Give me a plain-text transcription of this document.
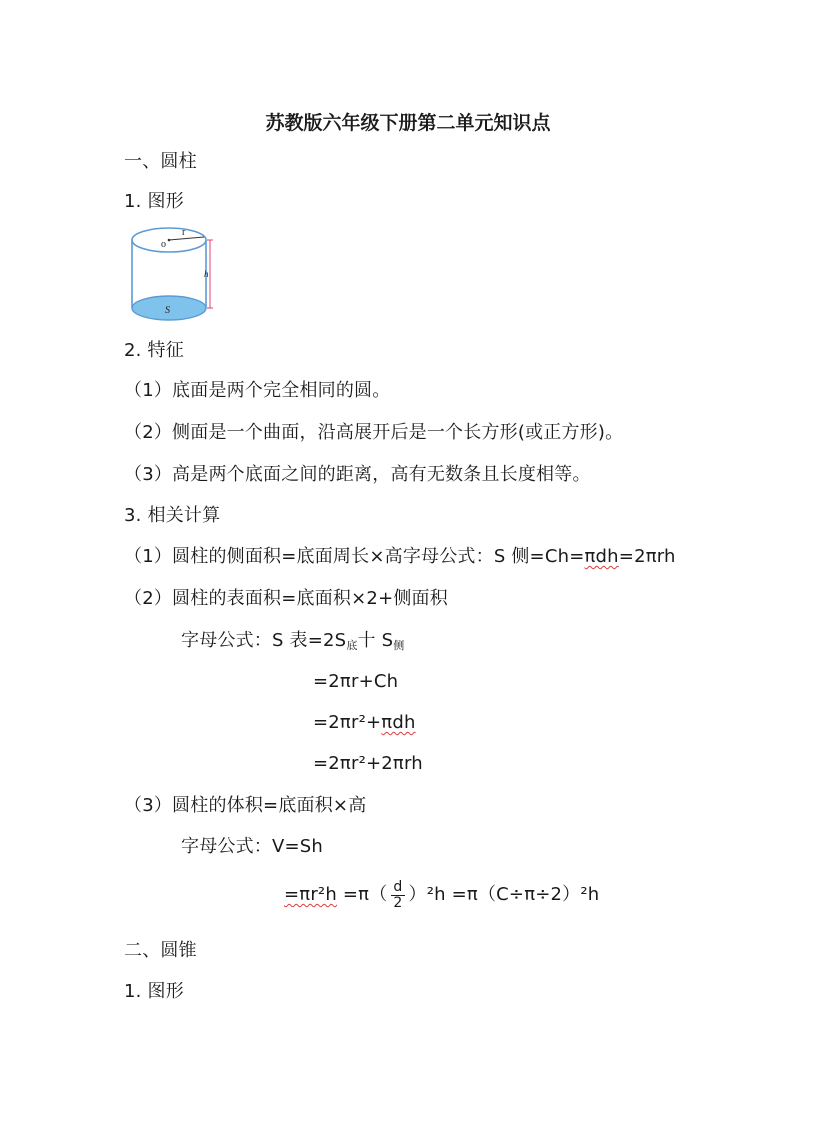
苏教版六年级下册第二单元知识点
一、圆柱
1. 图形
r
o
h
S
2. 特征
（1）底面是两个完全相同的圆。
（2）侧面是一个曲面，沿高展开后是一个长方形(或正方形)。
（3）高是两个底面之间的距离，高有无数条且长度相等。
3. 相关计算
（1）圆柱的侧面积=底面周长×高字母公式：S 侧=Ch=πdh=2πrh
（2）圆柱的表面积=底面积×2+侧面积
字母公式：S 表$=2S_底$十 $S_侧$
=2πr+Ch
=2πr²+πdh
=2πr²+2πrh
（3）圆柱的体积=底面积×高
字母公式：V=Sh
$=\pi r^2h =\pi( \frac{d}{2} )^2h =\pi(C\div\pi\div 2)^2h$
二、圆锥
1. 图形
